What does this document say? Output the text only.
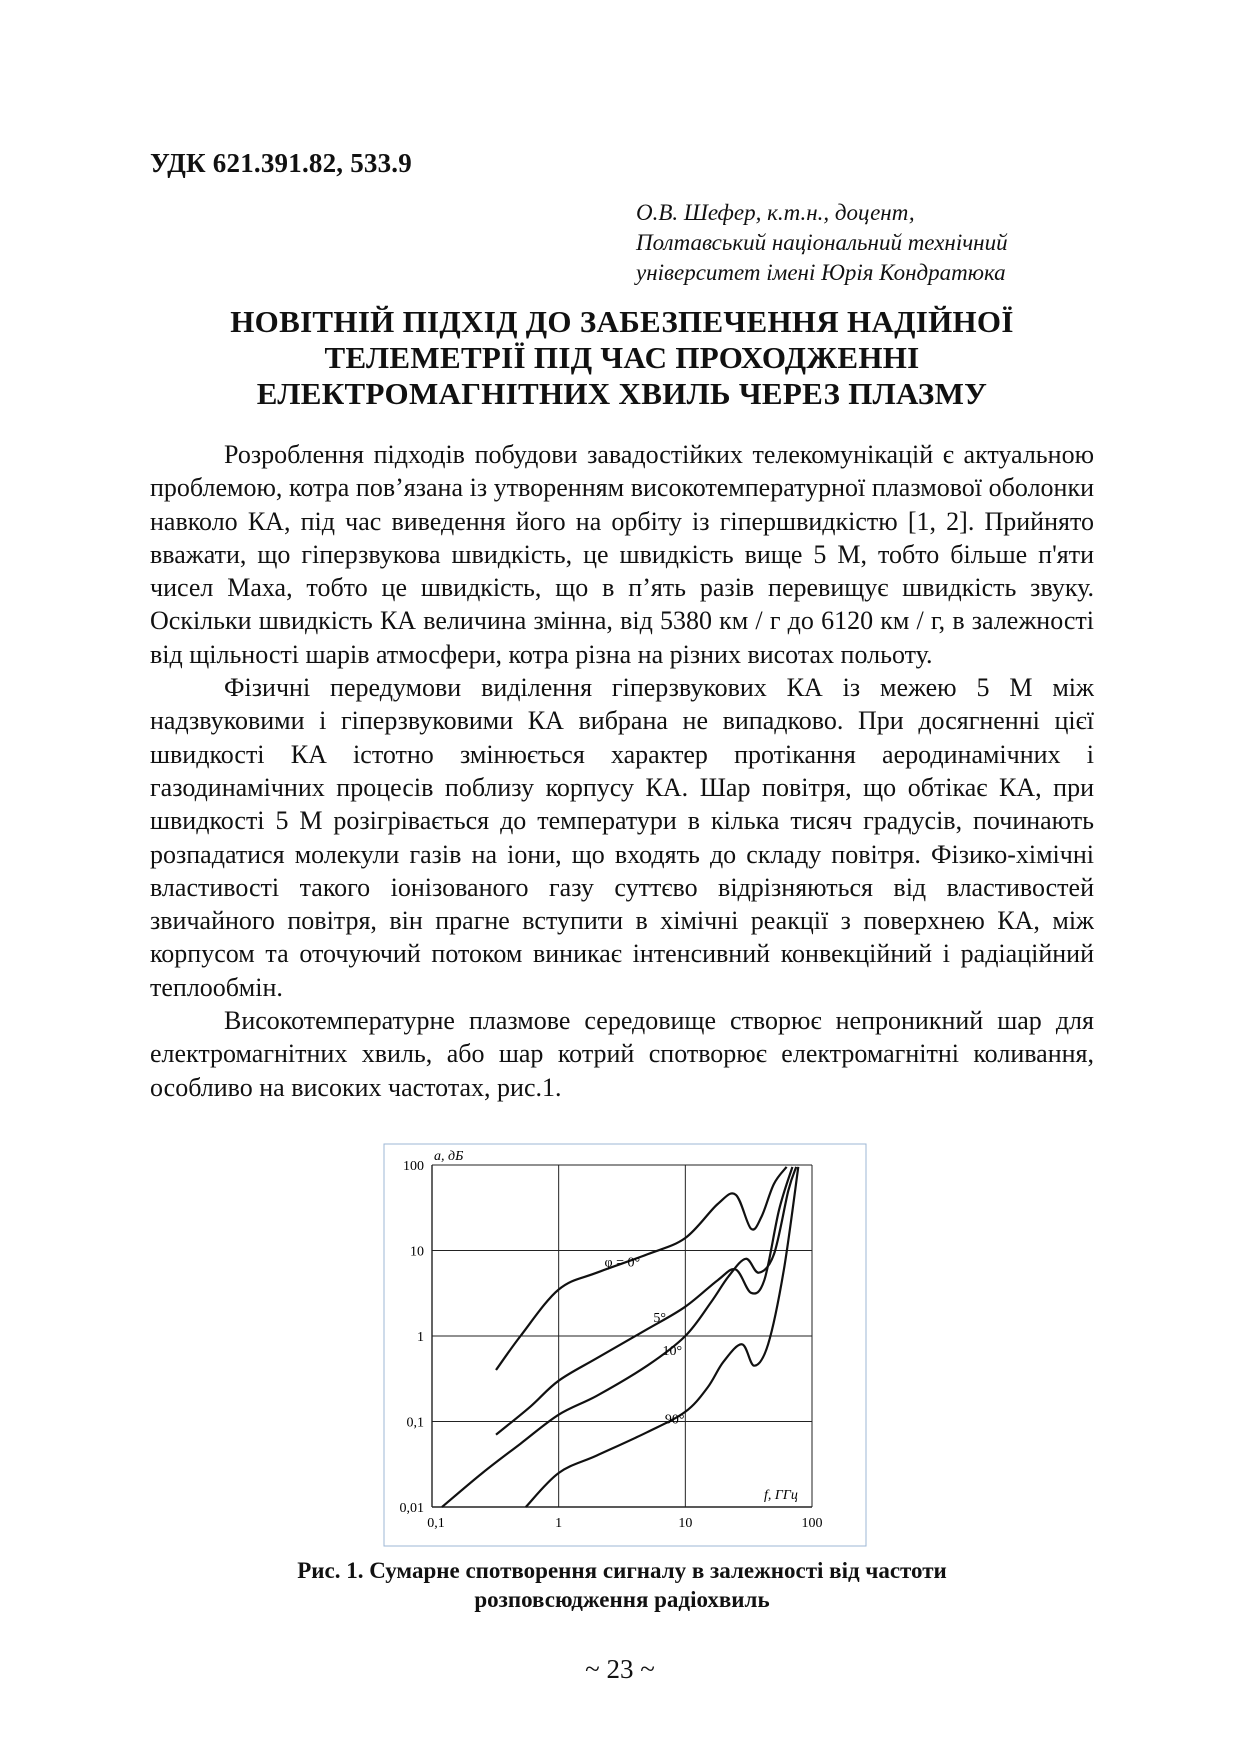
УДК 621.391.82, 533.9
О.В. Шефер, к.т.н., доцент,
Полтавський національний технічний
університет імені Юрія Кондратюка
НОВІТНІЙ ПІДХІД ДО ЗАБЕЗПЕЧЕННЯ НАДІЙНОЇ
ТЕЛЕМЕТРІЇ ПІД ЧАС ПРОХОДЖЕННІ
ЕЛЕКТРОМАГНІТНИХ ХВИЛЬ ЧЕРЕЗ ПЛАЗМУ

Розроблення підходів побудови завадостійких телекомунікацій є актуальною проблемою, котра пов’язана із утворенням високотемпературної плазмової оболонки навколо КА, під час виведення його на орбіту із гіпершвидкістю [1, 2]. Прийнято вважати, що гіперзвукова швидкість, це швидкість вище 5 М, тобто більше п'яти чисел Маха, тобто це швидкість, що в п’ять разів перевищує швидкість звуку. Оскільки швидкість КА величина змінна, від 5380 км / г до 6120 км / г, в залежності від щільності шарів атмосфери, котра різна на різних висотах польоту.

Фізичні передумови виділення гіперзвукових КА із межею 5 М між надзвуковими і гіперзвуковими КА вибрана не випадково. При досягненні цієї швидкості КА істотно змінюється характер протікання аеродинамічних і газодинамічних процесів поблизу корпусу КА. Шар повітря, що обтікає КА, при швидкості 5 М розігрівається до температури в кілька тисяч градусів, починають розпадатися молекули газів на іони, що входять до складу повітря. Фізико-хімічні властивості такого іонізованого газу суттєво відрізняються від властивостей звичайного повітря, він прагне вступити в хімічні реакції з поверхнею КА, між корпусом та оточуючий потоком виникає інтенсивний конвекційний і радіаційний теплообмін.

Високотемпературне плазмове середовище створює непроникний шар для електромагнітних хвиль, або шар котрий спотворює електромагнітні коливання, особливо на високих частотах, рис.1.

0,1	1	10	100
0,01
0,1
1
10
100
a, дБ
f, ГГц
φ = 0°
5°
10°
90°
Рис. 1. Сумарне спотворення сигналу в залежності від частоти
розповсюдження радіохвиль
~ 23 ~
